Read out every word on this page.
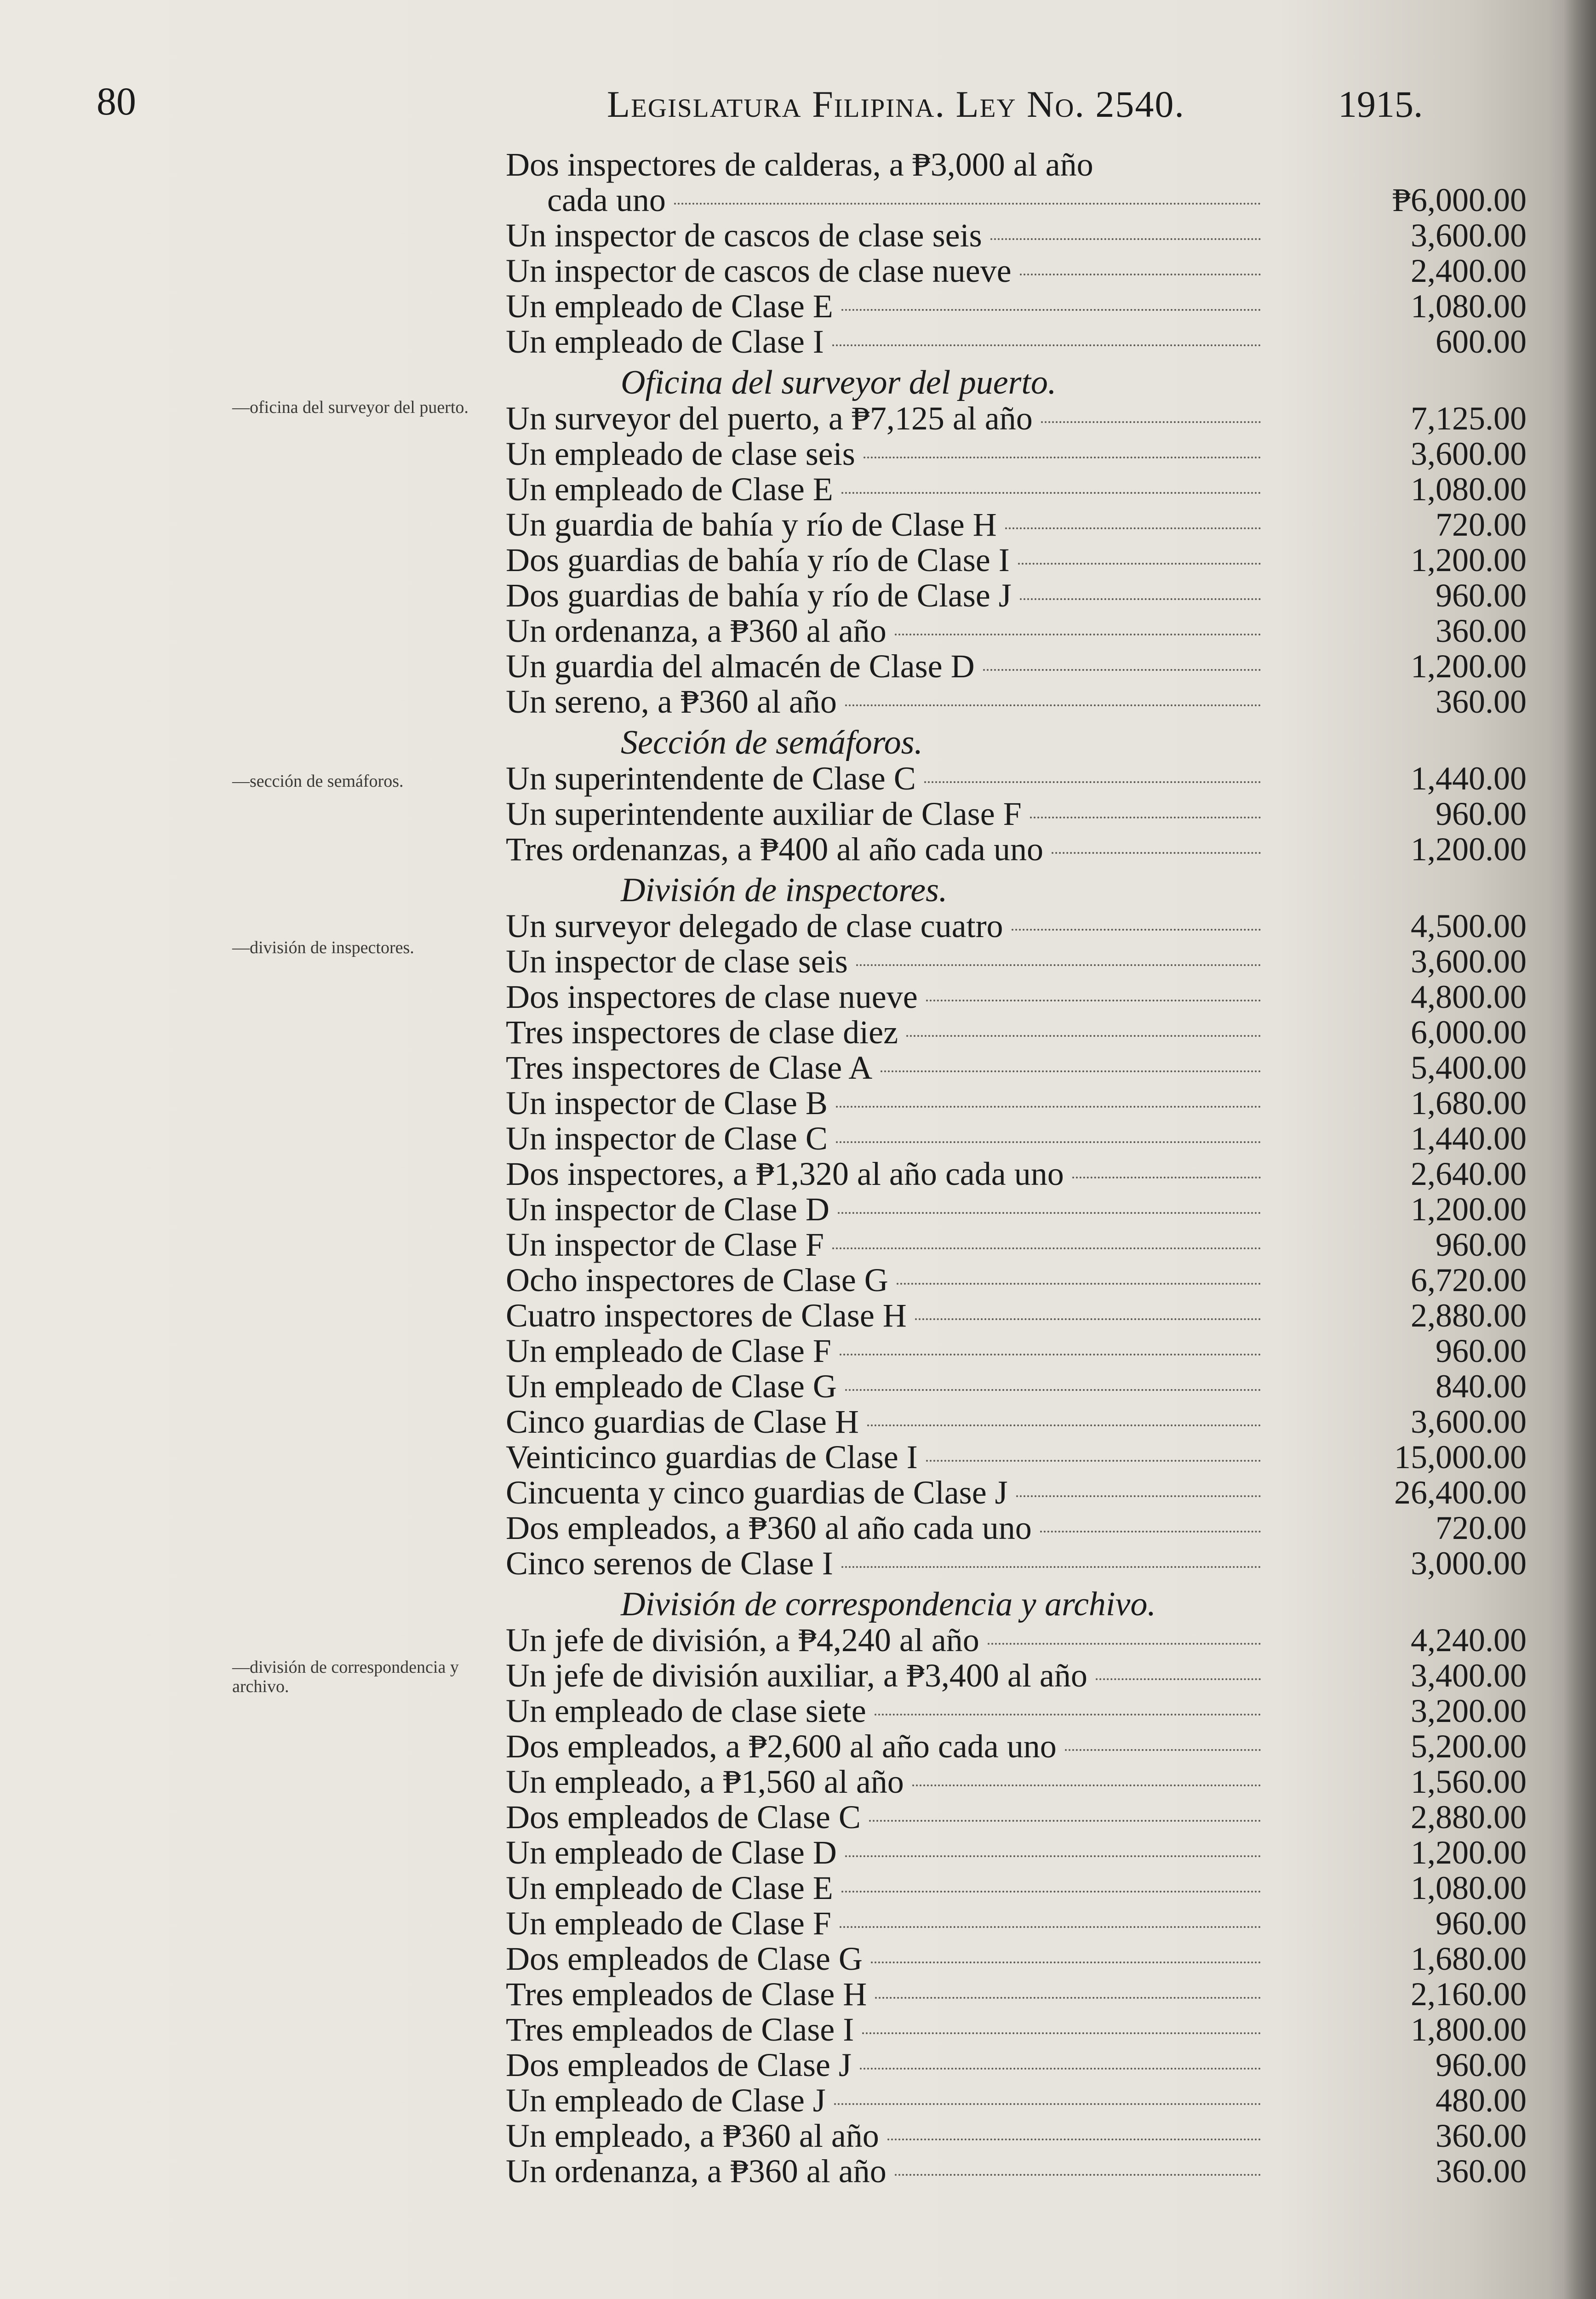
80	Legislatura Filipina. Ley No. 2540.	1915.
—oficina del surveyor del puerto.
—sección de semáforos.
—división de inspectores.
—división de correspondencia y archivo.
Dos inspectores de calderas, a ₱3,000 al año
cada uno	₱6,000.00
Un inspector de cascos de clase seis	3,600.00
Un inspector de cascos de clase nueve	2,400.00
Un empleado de Clase E	1,080.00
Un empleado de Clase I	600.00
Oficina del surveyor del puerto.
Un surveyor del puerto, a ₱7,125 al año	7,125.00
Un empleado de clase seis	3,600.00
Un empleado de Clase E	1,080.00
Un guardia de bahía y río de Clase H	720.00
Dos guardias de bahía y río de Clase I	1,200.00
Dos guardias de bahía y río de Clase J	960.00
Un ordenanza, a ₱360 al año	360.00
Un guardia del almacén de Clase D	1,200.00
Un sereno, a ₱360 al año	360.00
Sección de semáforos.
Un superintendente de Clase C	1,440.00
Un superintendente auxiliar de Clase F	960.00
Tres ordenanzas, a ₱400 al año cada uno	1,200.00
División de inspectores.
Un surveyor delegado de clase cuatro	4,500.00
Un inspector de clase seis	3,600.00
Dos inspectores de clase nueve	4,800.00
Tres inspectores de clase diez	6,000.00
Tres inspectores de Clase A	5,400.00
Un inspector de Clase B	1,680.00
Un inspector de Clase C	1,440.00
Dos inspectores, a ₱1,320 al año cada uno	2,640.00
Un inspector de Clase D	1,200.00
Un inspector de Clase F	960.00
Ocho inspectores de Clase G	6,720.00
Cuatro inspectores de Clase H	2,880.00
Un empleado de Clase F	960.00
Un empleado de Clase G	840.00
Cinco guardias de Clase H	3,600.00
Veinticinco guardias de Clase I	15,000.00
Cincuenta y cinco guardias de Clase J	26,400.00
Dos empleados, a ₱360 al año cada uno	720.00
Cinco serenos de Clase I	3,000.00
División de correspondencia y archivo.
Un jefe de división, a ₱4,240 al año	4,240.00
Un jefe de división auxiliar, a ₱3,400 al año	3,400.00
Un empleado de clase siete	3,200.00
Dos empleados, a ₱2,600 al año cada uno	5,200.00
Un empleado, a ₱1,560 al año	1,560.00
Dos empleados de Clase C	2,880.00
Un empleado de Clase D	1,200.00
Un empleado de Clase E	1,080.00
Un empleado de Clase F	960.00
Dos empleados de Clase G	1,680.00
Tres empleados de Clase H	2,160.00
Tres empleados de Clase I	1,800.00
Dos empleados de Clase J	960.00
Un empleado de Clase J	480.00
Un empleado, a ₱360 al año	360.00
Un ordenanza, a ₱360 al año	360.00
